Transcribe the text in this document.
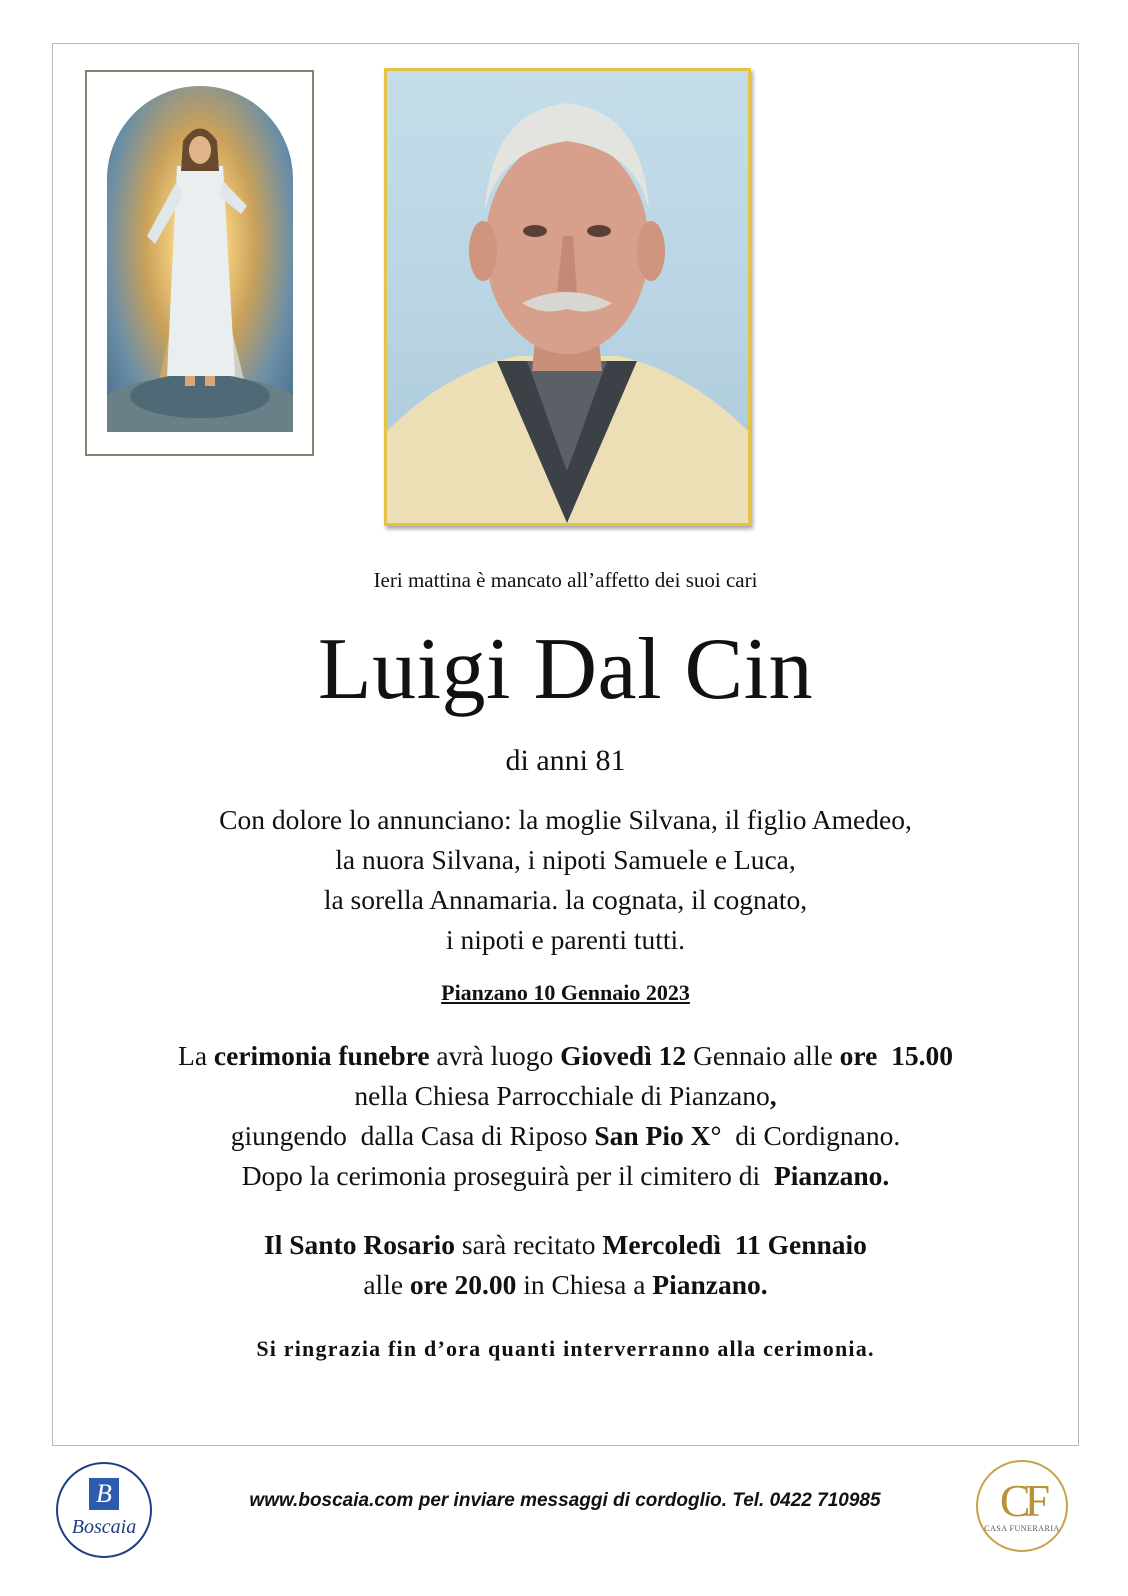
Ieri mattina è mancato all’affetto dei suoi cari
Luigi Dal Cin
di anni 81
Con dolore lo annunciano: la moglie Silvana, il figlio Amedeo,
la nuora Silvana, i nipoti Samuele e Luca,
la sorella Annamaria. la cognata, il cognato,
i nipoti e parenti tutti.
Pianzano 10 Gennaio 2023
La cerimonia funebre avrà luogo Giovedì 12 Gennaio alle ore  15.00
nella Chiesa Parrocchiale di Pianzano,
giungendo  dalla Casa di Riposo San Pio X°  di Cordignano.
Dopo la cerimonia proseguirà per il cimitero di  Pianzano.
Il Santo Rosario sarà recitato Mercoledì  11 Gennaio
alle ore 20.00 in Chiesa a Pianzano.
Si ringrazia fin d’ora quanti interverranno alla cerimonia.
B
Boscaia
www.boscaia.com per inviare messaggi di cordoglio. Tel. 0422 710985	CF
CASA FUNERARIA
